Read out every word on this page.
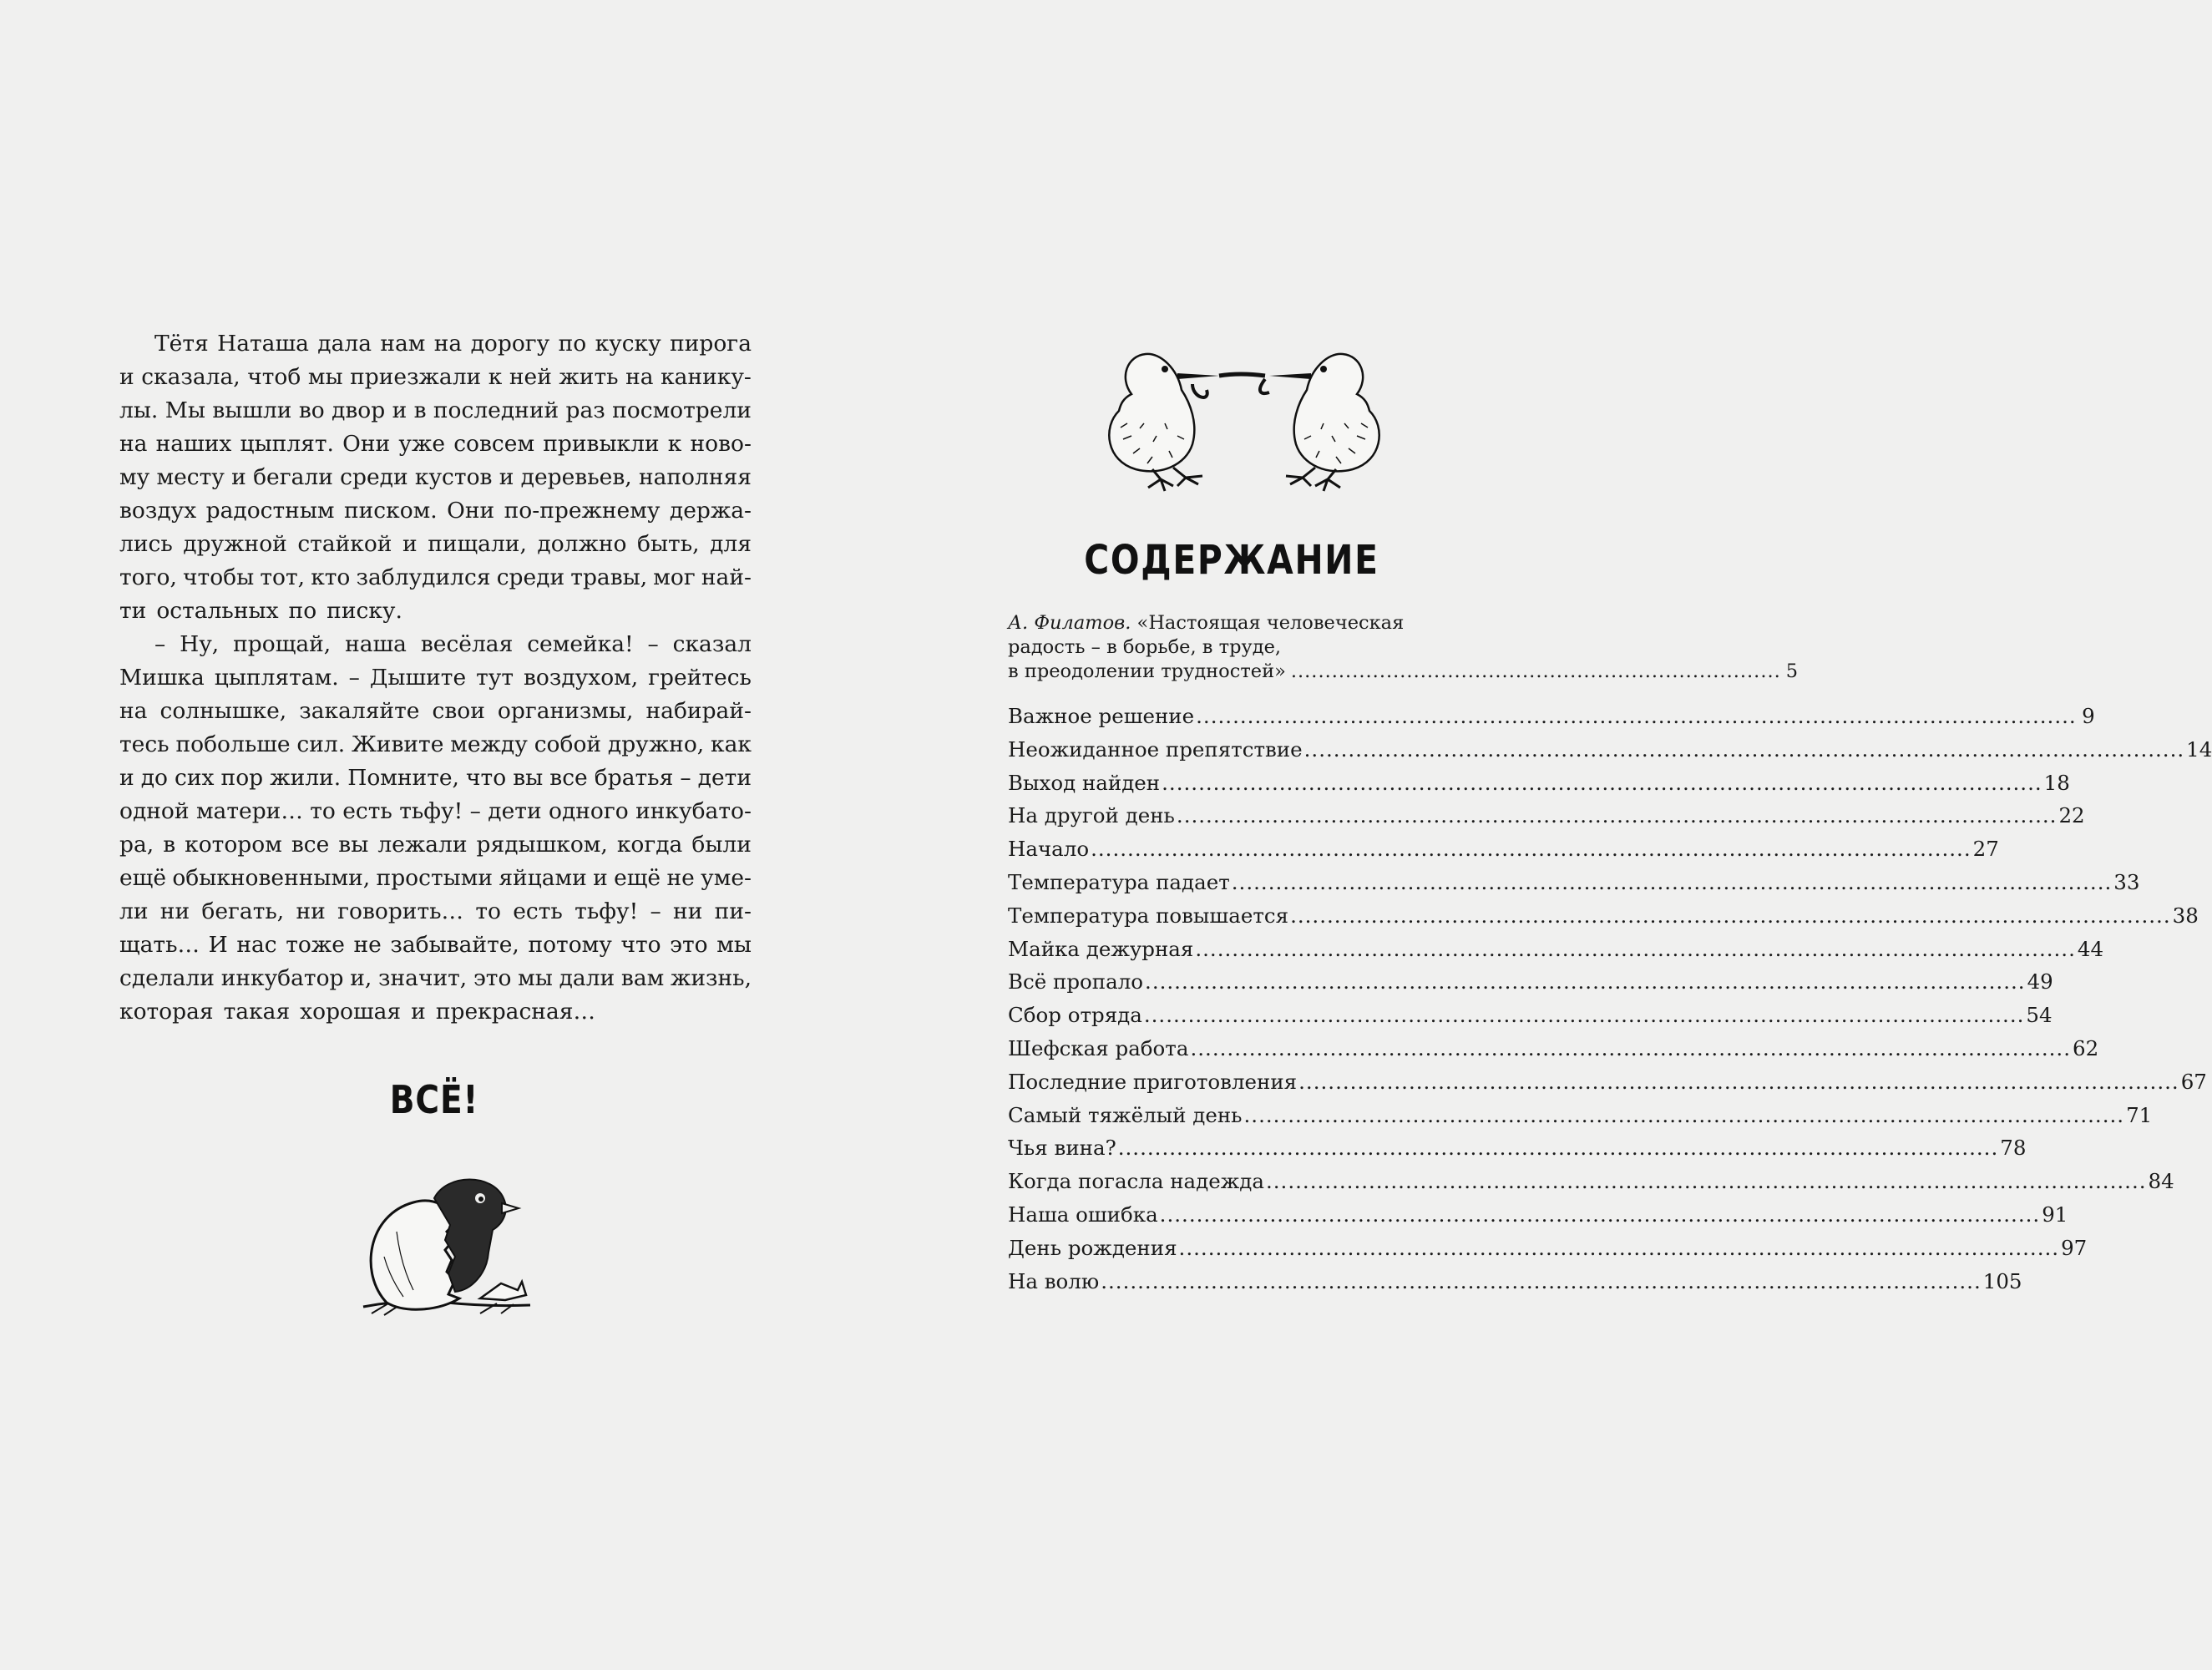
Тётя Наташа дала нам на дорогу по куску пирога
и сказала, чтоб мы приезжали к ней жить на канику-
лы. Мы вышли во двор и в последний раз посмотрели
на наших цыплят. Они уже совсем привыкли к ново-
му месту и бегали среди кустов и деревьев, наполняя
воздух радостным писком. Они по-прежнему держа-
лись дружной стайкой и пищали, должно быть, для
того, чтобы тот, кто заблудился среди травы, мог най-
ти остальных по писку.
– Ну, прощай, наша весёлая семейка! – сказал
Мишка цыплятам. – Дышите тут воздухом, грейтесь
на солнышке, закаляйте свои организмы, набирай-
тесь побольше сил. Живите между собой дружно, как
и до сих пор жили. Помните, что вы все братья – дети
одной матери… то есть тьфу! – дети одного инкубато-
ра, в котором все вы лежали рядышком, когда были
ещё обыкновенными, простыми яйцами и ещё не уме-
ли ни бегать, ни говорить… то есть тьфу! – ни пи-
щать… И нас тоже не забывайте, потому что это мы
сделали инкубатор и, значит, это мы дали вам жизнь,
которая такая хорошая и прекрасная…
ВСЁ!
СОДЕРЖАНИЕ
А. Филатов. «Настоящая человеческая
радость – в борьбе, в труде,
в преодолении трудностей» ........................................................................ 5
Важное решение ........................................................................................................................ 9
Неожиданное препятствие ........................................................................................................................ 14
Выход найден ........................................................................................................................ 18
На другой день ........................................................................................................................ 22
Начало ........................................................................................................................ 27
Температура падает ........................................................................................................................ 33
Температура повышается ........................................................................................................................ 38
Майка дежурная ........................................................................................................................ 44
Всё пропало ........................................................................................................................ 49
Сбор отряда ........................................................................................................................ 54
Шефская работа ........................................................................................................................ 62
Последние приготовления ........................................................................................................................ 67
Самый тяжёлый день ........................................................................................................................ 71
Чья вина? ........................................................................................................................ 78
Когда погасла надежда ........................................................................................................................ 84
Наша ошибка ........................................................................................................................ 91
День рождения ........................................................................................................................ 97
На волю ........................................................................................................................ 105
